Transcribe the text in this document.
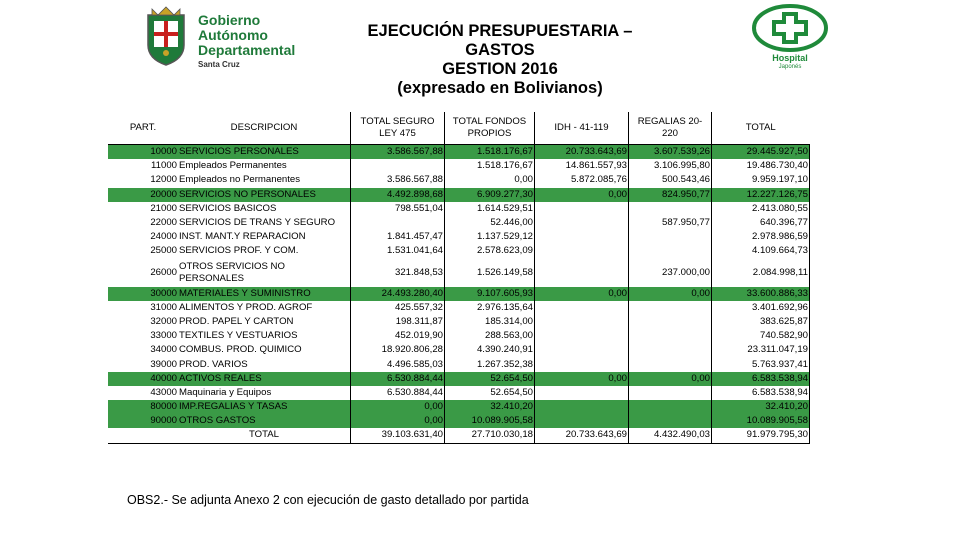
Gobierno
Autónomo
Departamental
Santa Cruz
EJECUCIÓN PRESUPUESTARIA –
GASTOS
GESTION 2016
(expresado en Bolivianos)
Hospital
Japonés
PART.	DESCRIPCION	TOTAL SEGURO LEY 475	TOTAL FONDOS PROPIOS	IDH - 41-119	REGALIAS 20-220	TOTAL
10000	SERVICIOS PERSONALES	3.586.567,88	1.518.176,67	20.733.643,69	3.607.539,26	29.445.927,50
11000	Empleados Permanentes		1.518.176,67	14.861.557,93	3.106.995,80	19.486.730,40
12000	Empleados no Permanentes	3.586.567,88	0,00	5.872.085,76	500.543,46	9.959.197,10
20000	SERVICIOS NO PERSONALES	4.492.898,68	6.909.277,30	0,00	824.950,77	12.227.126,75
21000	SERVICIOS BASICOS	798.551,04	1.614.529,51			2.413.080,55
22000	SERVICIOS DE TRANS Y SEGURO		52.446,00		587.950,77	640.396,77
24000	INST. MANT.Y REPARACION	1.841.457,47	1.137.529,12			2.978.986,59
25000	SERVICIOS PROF. Y COM.	1.531.041,64	2.578.623,09			4.109.664,73
26000	OTROS SERVICIOS NO PERSONALES	321.848,53	1.526.149,58		237.000,00	2.084.998,11
30000	MATERIALES Y SUMINISTRO	24.493.280,40	9.107.605,93	0,00	0,00	33.600.886,33
31000	ALIMENTOS Y PROD. AGROF	425.557,32	2.976.135,64			3.401.692,96
32000	PROD. PAPEL Y CARTON	198.311,87	185.314,00			383.625,87
33000	TEXTILES Y VESTUARIOS	452.019,90	288.563,00			740.582,90
34000	COMBUS. PROD. QUIMICO	18.920.806,28	4.390.240,91			23.311.047,19
39000	PROD. VARIOS	4.496.585,03	1.267.352,38			5.763.937,41
40000	ACTIVOS REALES	6.530.884,44	52.654,50	0,00	0,00	6.583.538,94
43000	Maquinaria y Equipos	6.530.884,44	52.654,50			6.583.538,94
80000	IMP.REGALIAS Y TASAS	0,00	32.410,20			32.410,20
90000	OTROS GASTOS	0,00	10.089.905,58			10.089.905,58
	TOTAL	39.103.631,40	27.710.030,18	20.733.643,69	4.432.490,03	91.979.795,30
OBS2.- Se adjunta Anexo 2 con ejecución de gasto detallado por partida
